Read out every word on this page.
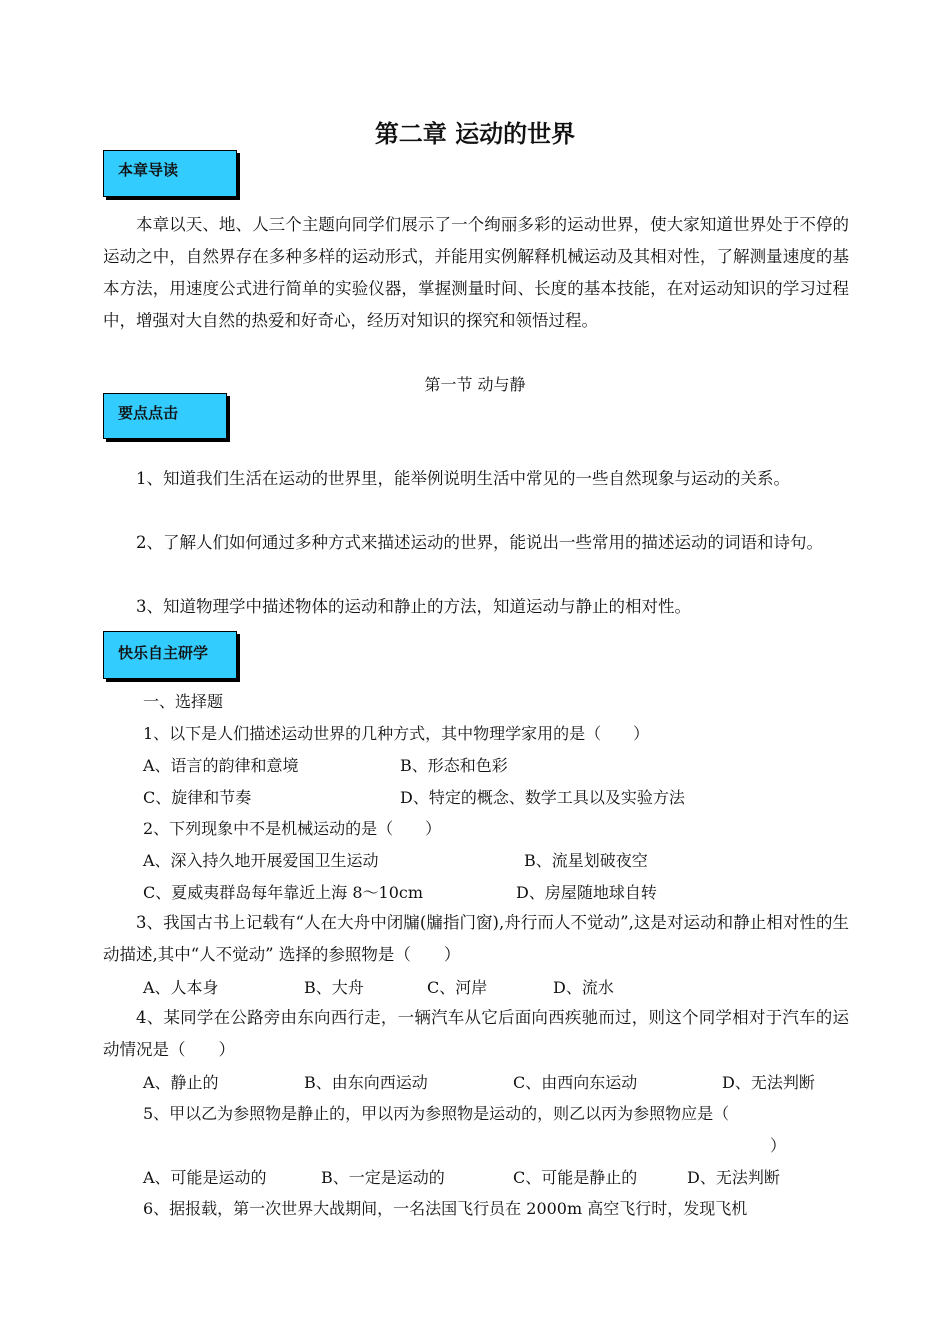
第二章 运动的世界
本章导读
本章以天、地、人三个主题向同学们展示了一个绚丽多彩的运动世界，使大家知道世界处于不停的运动之中，自然界存在多种多样的运动形式，并能用实例解释机械运动及其相对性，了解测量速度的基本方法，用速度公式进行简单的实验仪器，掌握测量时间、长度的基本技能，在对运动知识的学习过程中，增强对大自然的热爱和好奇心，经历对知识的探究和领悟过程。
第一节 动与静
要点点击
1、知道我们生活在运动的世界里，能举例说明生活中常见的一些自然现象与运动的关系。
2、了解人们如何通过多种方式来描述运动的世界，能说出一些常用的描述运动的词语和诗句。
3、知道物理学中描述物体的运动和静止的方法，知道运动与静止的相对性。
快乐自主研学
一、选择题
1、以下是人们描述运动世界的几种方式，其中物理学家用的是（　　）
A、语言的韵律和意境	B、形态和色彩
C、旋律和节奏	D、特定的概念、数学工具以及实验方法
2、下列现象中不是机械运动的是（　　）
A、深入持久地开展爱国卫生运动	B、流星划破夜空
C、夏威夷群岛每年靠近上海 8～10cm	D、房屋随地球自转
3、我国古书上记载有“人在大舟中闭牖(牖指门窗),舟行而人不觉动”,这是对运动和静止相对性的生动描述,其中“人不觉动” 选择的参照物是（　　）
A、人本身	B、大舟	C、河岸	D、流水
4、某同学在公路旁由东向西行走，一辆汽车从它后面向西疾驰而过，则这个同学相对于汽车的运动情况是（　　）
A、静止的	B、由东向西运动	C、由西向东运动	D、无法判断
5、甲以乙为参照物是静止的，甲以丙为参照物是运动的，则乙以丙为参照物应是（
）
A、可能是运动的	B、一定是运动的	C、可能是静止的	D、无法判断
6、据报载，第一次世界大战期间，一名法国飞行员在 2000m 高空飞行时，发现飞机
